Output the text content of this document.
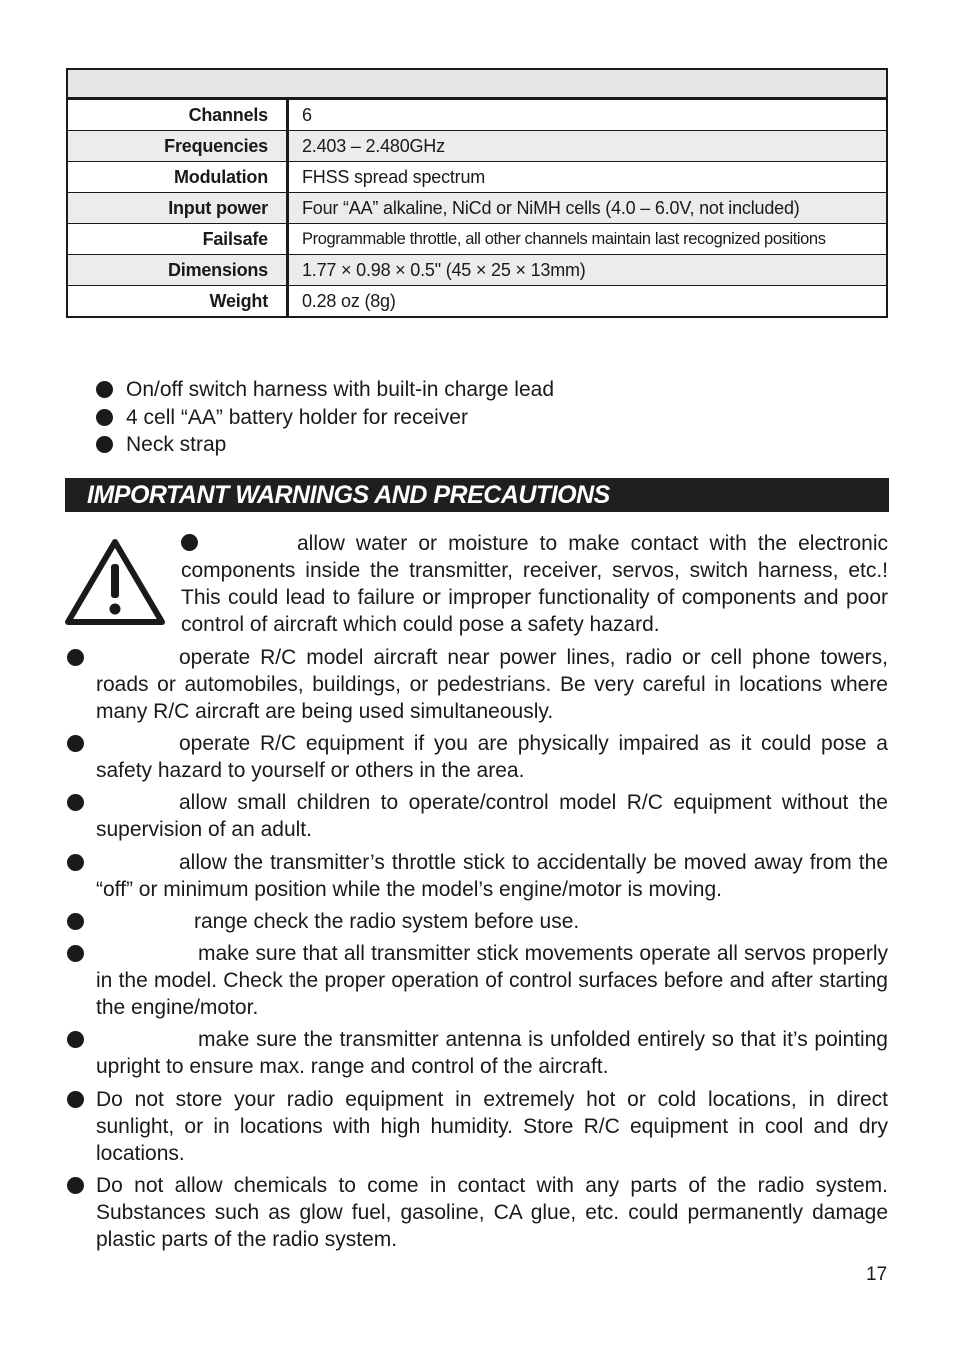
Channels	6
Frequencies	2.403 – 2.480GHz
Modulation	FHSS spread spectrum
Input power	Four “AA” alkaline, NiCd or NiMH cells (4.0 – 6.0V, not included)
Failsafe	Programmable throttle, all other channels maintain last recognized positions
Dimensions	1.77 × 0.98 × 0.5" (45 × 25 × 13mm)
Weight	0.28 oz (8g)
On/off switch harness with built-in charge lead
4 cell “AA” battery holder for receiver
Neck strap
IMPORTANT WARNINGS AND PRECAUTIONS

allow water or moisture to make contact with the electronic components inside the transmitter, receiver, servos, switch harness, etc.! This could lead to failure or improper functionality of components and poor control of aircraft which could pose a safety hazard.

operate R/C model aircraft near power lines, radio or cell phone towers, roads or automobiles, buildings, or pedestrians. Be very careful in locations where many R/C aircraft are being used simultaneously.

operate R/C equipment if you are physically impaired as it could pose a safety hazard to yourself or others in the area.

allow small children to operate/control model R/C equipment without the supervision of an adult.

allow the transmitter’s throttle stick to accidentally be moved away from the “off” or minimum position while the model’s engine/motor is moving.

range check the radio system before use.

make sure that all transmitter stick movements operate all servos properly in the model. Check the proper operation of control surfaces before and after starting the engine/motor.

make sure the transmitter antenna is unfolded entirely so that it’s pointing upright to ensure max. range and control of the aircraft.

Do not store your radio equipment in extremely hot or cold locations, in direct sunlight, or in locations with high humidity. Store R/C equipment in cool and dry locations.

Do not allow chemicals to come in contact with any parts of the radio system. Substances such as glow fuel, gasoline, CA glue, etc. could permanently damage plastic parts of the radio system.

17
